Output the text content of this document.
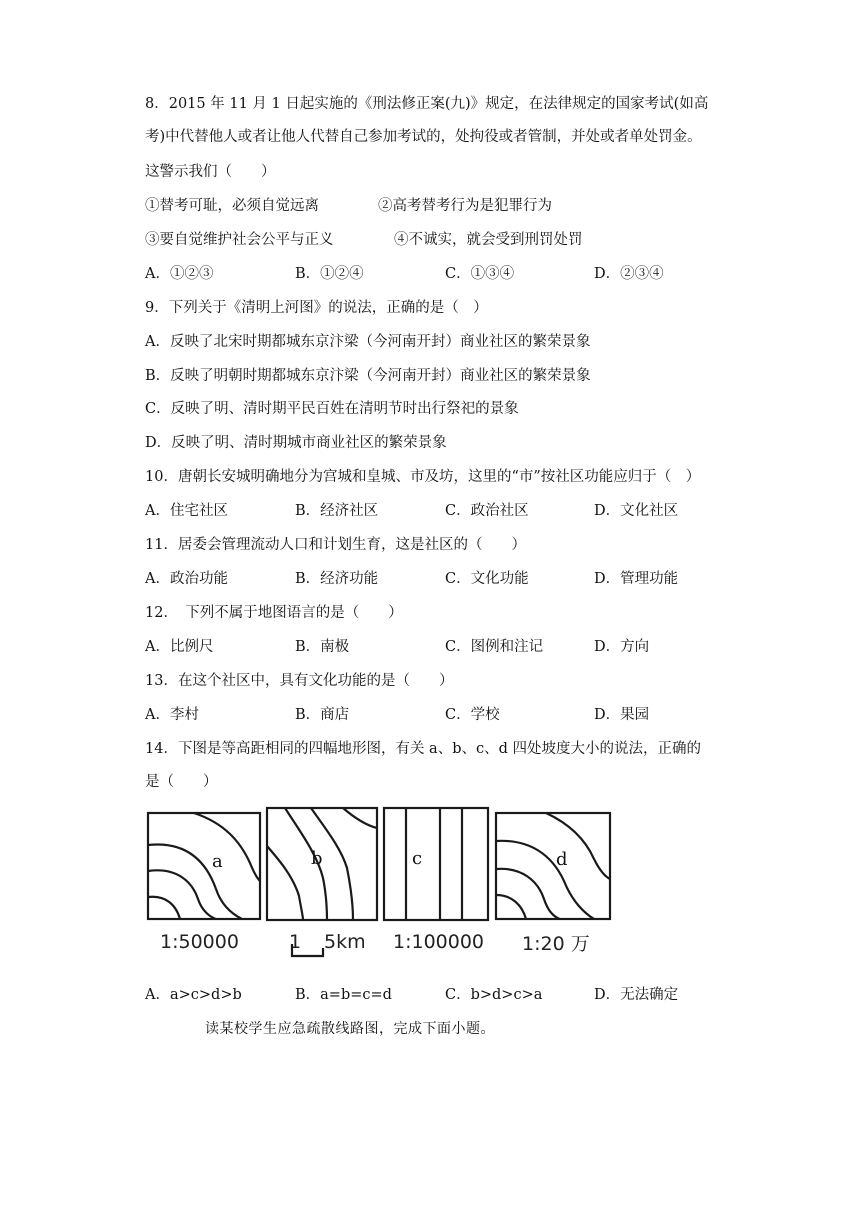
8．2015 年 11 月 1 日起实施的《刑法修正案(九)》规定，在法律规定的国家考试(如高
考)中代替他人或者让他人代替自己参加考试的，处拘役或者管制，并处或者单处罚金。
这警示我们（　　）
①替考可耻，必须自觉远离	②高考替考行为是犯罪行为
③要自觉维护社会公平与正义	④不诚实，就会受到刑罚处罚
A．①②③	B．①②④	C．①③④	D．②③④
9．下列关于《清明上河图》的说法，正确的是（　）
A．反映了北宋时期都城东京汴梁（今河南开封）商业社区的繁荣景象
B．反映了明朝时期都城东京汴梁（今河南开封）商业社区的繁荣景象
C．反映了明、清时期平民百姓在清明节时出行祭祀的景象
D．反映了明、清时期城市商业社区的繁荣景象
10．唐朝长安城明确地分为宫城和皇城、市及坊，这里的“市”按社区功能应归于（　）
A．住宅社区	B．经济社区	C．政治社区	D．文化社区
11．居委会管理流动人口和计划生育，这是社区的（　　）
A．政治功能	B．经济功能	C．文化功能	D．管理功能
12．　下列不属于地图语言的是（　　）
A．比例尺	B．南极	C．图例和注记	D．方向
13．在这个社区中，具有文化功能的是（　　）
A．李村	B．商店	C．学校	D．果园
14．下图是等高距相同的四幅地形图，有关 a、b、c、d 四处坡度大小的说法，正确的
是（　　）
a	b	c	d
1:50000	1 5km 1:100000 1:20 万
A．a>c>d>b	B．a=b=c=d	C．b>d>c>a	D．无法确定
读某校学生应急疏散线路图，完成下面小题。
